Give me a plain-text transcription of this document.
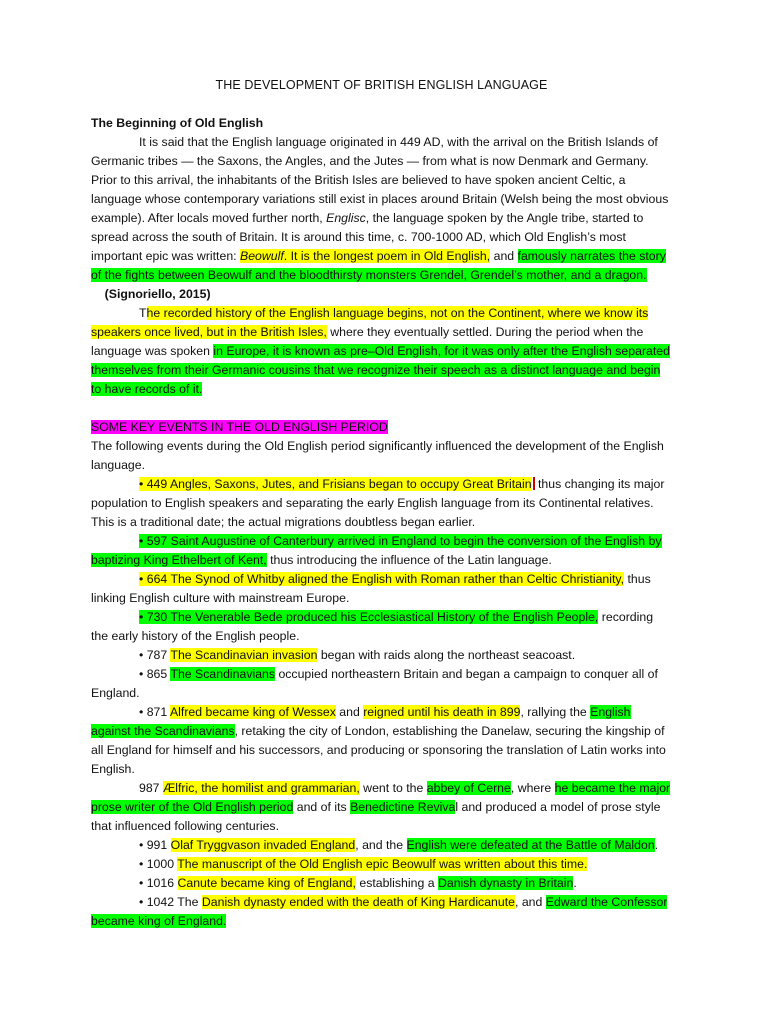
THE DEVELOPMENT OF BRITISH ENGLISH LANGUAGE

The Beginning of Old English

It is said that the English language originated in 449 AD, with the arrival on the British Islands of Germanic tribes — the Saxons, the Angles, and the Jutes — from what is now Denmark and Germany. Prior to this arrival, the inhabitants of the British Isles are believed to have spoken ancient Celtic, a language whose contemporary variations still exist in places around Britain (Welsh being the most obvious example). After locals moved further north, Englisc, the language spoken by the Angle tribe, started to spread across the south of Britain. It is around this time, c. 700-1000 AD, which Old English’s most important epic was written: Beowulf. It is the longest poem in Old English, and famously narrates the story of the fights between Beowulf and the bloodthirsty monsters Grendel, Grendel’s mother, and a dragon.    (Signoriello, 2015)

The recorded history of the English language begins, not on the Continent, where we know its speakers once lived, but in the British Isles, where they eventually settled. During the period when the language was spoken in Europe, it is known as pre–Old English, for it was only after the English separated themselves from their Germanic cousins that we recognize their speech as a distinct language and begin to have records of it.

SOME KEY EVENTS IN THE OLD ENGLISH PERIOD

The following events during the Old English period significantly influenced the development of the English language.

• 449 Angles, Saxons, Jutes, and Frisians began to occupy Great Britain thus changing its major population to English speakers and separating the early English language from its Continental relatives. This is a traditional date; the actual migrations doubtless began earlier.

• 597 Saint Augustine of Canterbury arrived in England to begin the conversion of the English by baptizing King Ethelbert of Kent, thus introducing the influence of the Latin language.

• 664 The Synod of Whitby aligned the English with Roman rather than Celtic Christianity, thus linking English culture with mainstream Europe.

• 730 The Venerable Bede produced his Ecclesiastical History of the English People, recording the early history of the English people.

• 787 The Scandinavian invasion began with raids along the northeast seacoast.

• 865 The Scandinavians occupied northeastern Britain and began a campaign to conquer all of England.

• 871 Alfred became king of Wessex and reigned until his death in 899, rallying the English against the Scandinavians, retaking the city of London, establishing the Danelaw, securing the kingship of all England for himself and his successors, and producing or sponsoring the translation of Latin works into English.

987 Ælfric, the homilist and grammarian, went to the abbey of Cerne, where he became the major prose writer of the Old English period and of its Benedictine Revival and produced a model of prose style that influenced following centuries.

• 991 Olaf Tryggvason invaded England, and the English were defeated at the Battle of Maldon.

• 1000 The manuscript of the Old English epic Beowulf was written about this time.

• 1016 Canute became king of England, establishing a Danish dynasty in Britain.

• 1042 The Danish dynasty ended with the death of King Hardicanute, and Edward the Confessor became king of England.
